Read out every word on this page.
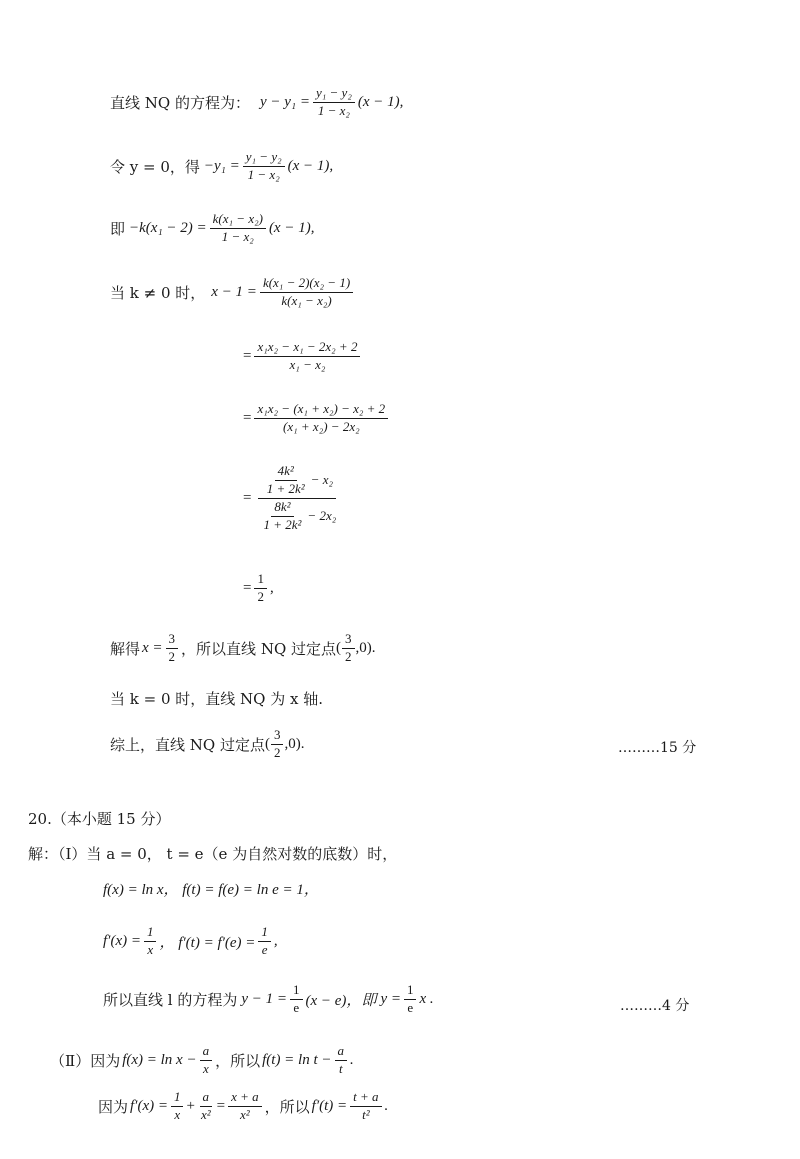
直线 NQ 的方程为： $y - y_1 = \frac{\text{y₁ − y₂}}{\text{1 − x₂}} (x - 1)$,
令 y = 0，得 $-y_1 = \frac{\text{y₁ − y₂}}{\text{1 − x₂}} (x - 1)$,
即 $-k(x_1 - 2) = \frac{\text{k(x₁ − x₂)}}{\text{1 − x₂}} (x - 1)$,
当 k ≠ 0 时， $x - 1 = \frac{\text{k(x₁ − 2)(x₂ − 1)}}{\text{k(x₁ − x₂)}}$
= $\frac{\text{x₁x₂ − x₁ − 2x₂ + 2}}{\text{x₁ − x₂}}$
= $\frac{\text{x₁x₂ − (x₁ + x₂) − x₂ + 2}}{\text{(x₁ + x₂) − 2x₂}}$
= $\frac{\frac{\text{4k²}}{\text{1 + 2k²}} - x_2}{\frac{\text{8k²}}{\text{1 + 2k²}} - 2x_2}$
= $\frac{1}{2}$ ,
解得 $x = \frac{3}{2}$ ，所以直线 NQ 过定点 ( $\frac{3}{2} ,0$).
当 k = 0 时，直线 NQ 为 x 轴.
综上，直线 NQ 过定点 ( $\frac{3}{2} ,0$).	………15 分
20.（本小题 15 分）
解：（Ⅰ）当 a = 0， t = e（e 为自然对数的底数）时，
f(x) = ln x， f(t) = f(e) = ln e = 1，
$f'(x) = \frac{1}{x}$ ， $f'(t) = f'(e) = \frac{1}{e}$ ,
所以直线 l 的方程为 $y - 1 = \frac{1}{e} (x - e)$，即 $y = \frac{1}{e}$ x .	………4 分
（Ⅱ）因为 $f(x) = \ln x - \frac{a}{x}$ ，所以 $f(t) = \ln t - \frac{a}{t}$ .
因为 $f'(x) = \frac{1}{x} + \frac{a}{\text{x²}} = \frac{x + a}{\text{x²}}$ ，所以 $f'(t) = \frac{t + a}{\text{t²}}$ .
